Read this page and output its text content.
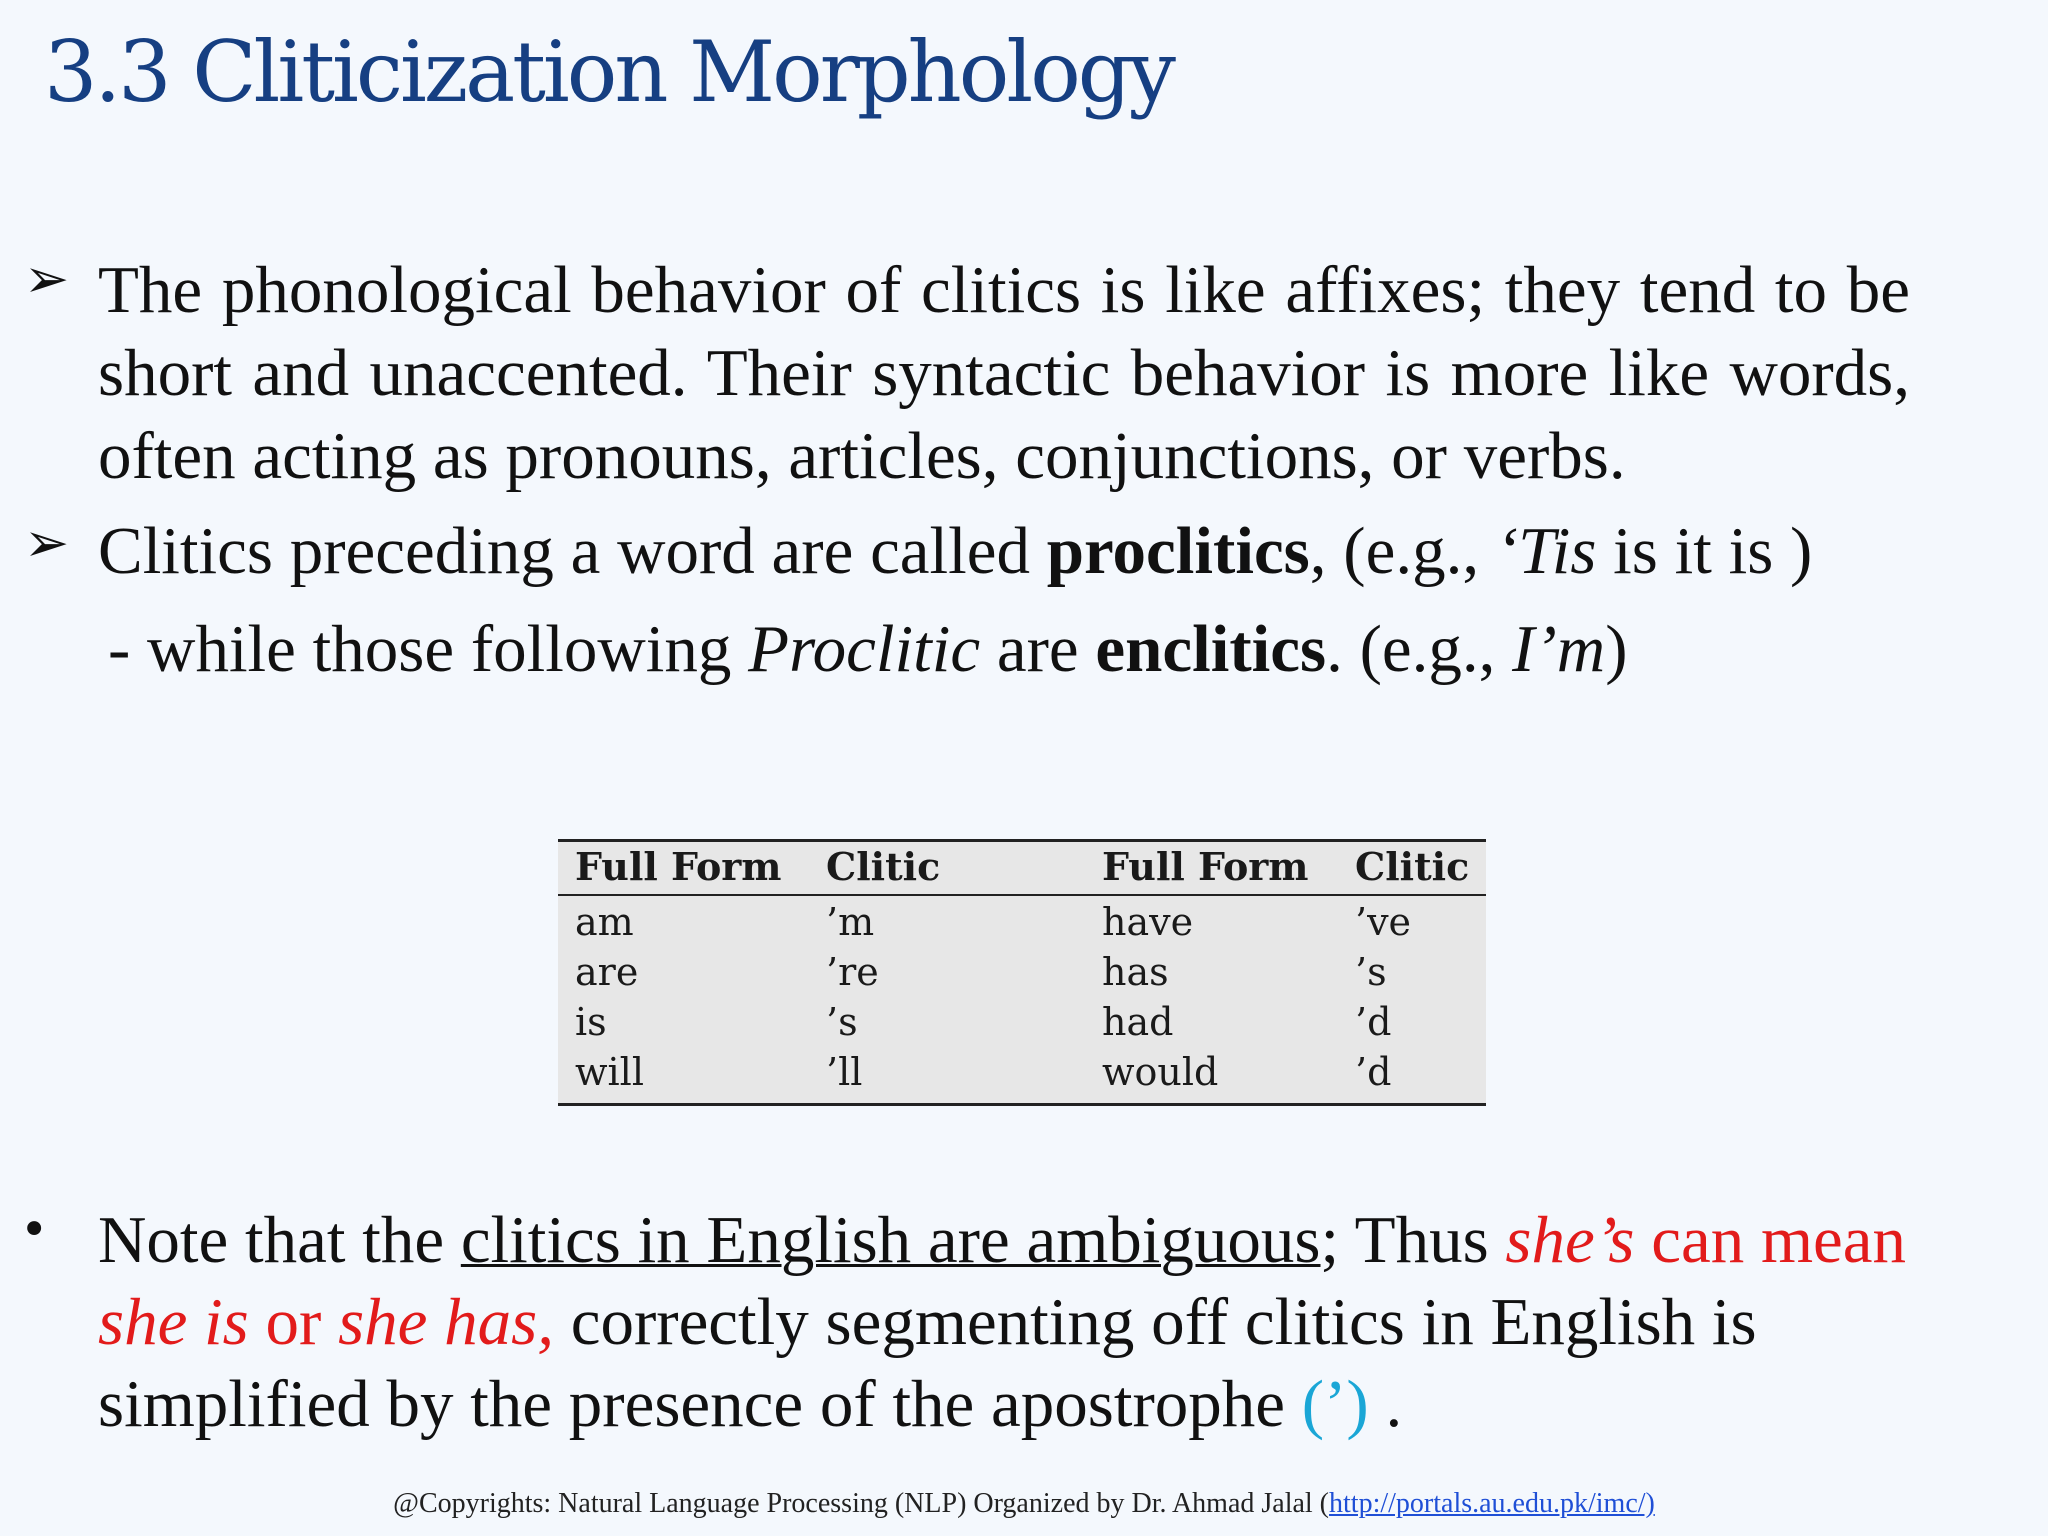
3.3 Cliticization Morphology
➢ The phonological behavior of clitics is like affixes; they tend to be short and unaccented. Their syntactic behavior is more like words, often acting as pronouns, articles, conjunctions, or verbs.
➢ Clitics preceding a word are called proclitics, (e.g., ‘Tis is it is )
- while those following Proclitic are enclitics. (e.g., I’m)
Full Form Clitic	Full Form Clitic
am	’m	have	’ve
are	’re	has	’s
is	’s	had	’d
will	’ll	would	’d
• Note that the clitics in English are ambiguous; Thus she’s can mean
she is or she has, correctly segmenting off clitics in English is
simplified by the presence of the apostrophe (’) .
@Copyrights: Natural Language Processing (NLP) Organized by Dr. Ahmad Jalal (http://portals.au.edu.pk/imc/)
